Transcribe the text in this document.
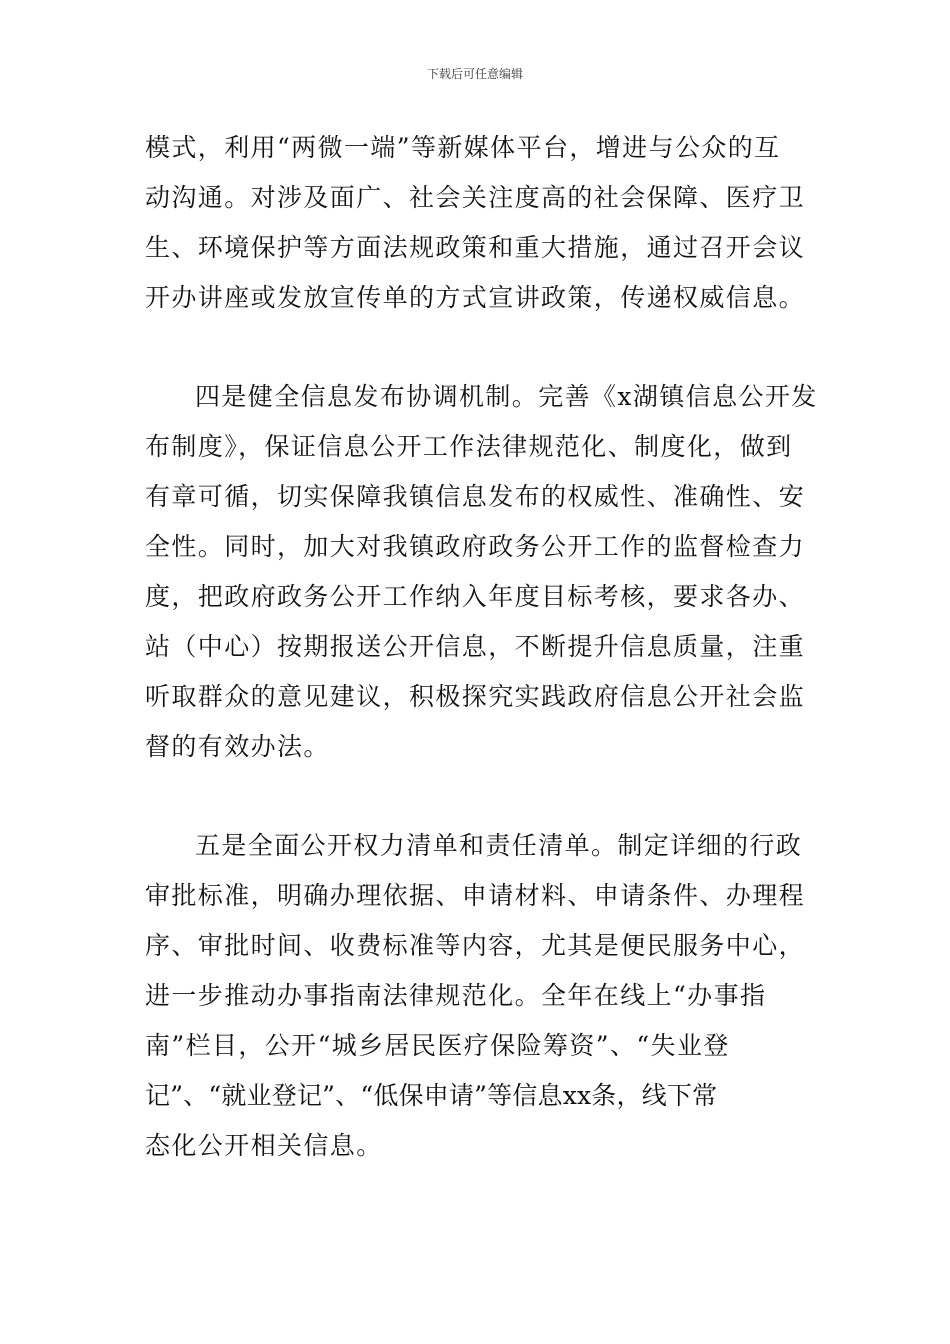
下载后可任意编辑
模式，利用“两微一端”等新媒体平台，增进与公众的互
动沟通。对涉及面广、社会关注度高的社会保障、医疗卫
生、环境保护等方面法规政策和重大措施，通过召开会议
开办讲座或发放宣传单的方式宣讲政策，传递权威信息。
四是健全信息发布协调机制。完善《x湖镇信息公开发
布制度》，保证信息公开工作法律规范化、制度化，做到
有章可循，切实保障我镇信息发布的权威性、准确性、安
全性。同时，加大对我镇政府政务公开工作的监督检查力
度，把政府政务公开工作纳入年度目标考核，要求各办、
站（中心）按期报送公开信息，不断提升信息质量，注重
听取群众的意见建议，积极探究实践政府信息公开社会监
督的有效办法。
五是全面公开权力清单和责任清单。制定详细的行政
审批标准，明确办理依据、申请材料、申请条件、办理程
序、审批时间、收费标准等内容，尤其是便民服务中心，
进一步推动办事指南法律规范化。全年在线上“办事指
南”栏目，公开“城乡居民医疗保险筹资”、“失业登
记”、“就业登记”、“低保申请”等信息xx条，线下常
态化公开相关信息。
